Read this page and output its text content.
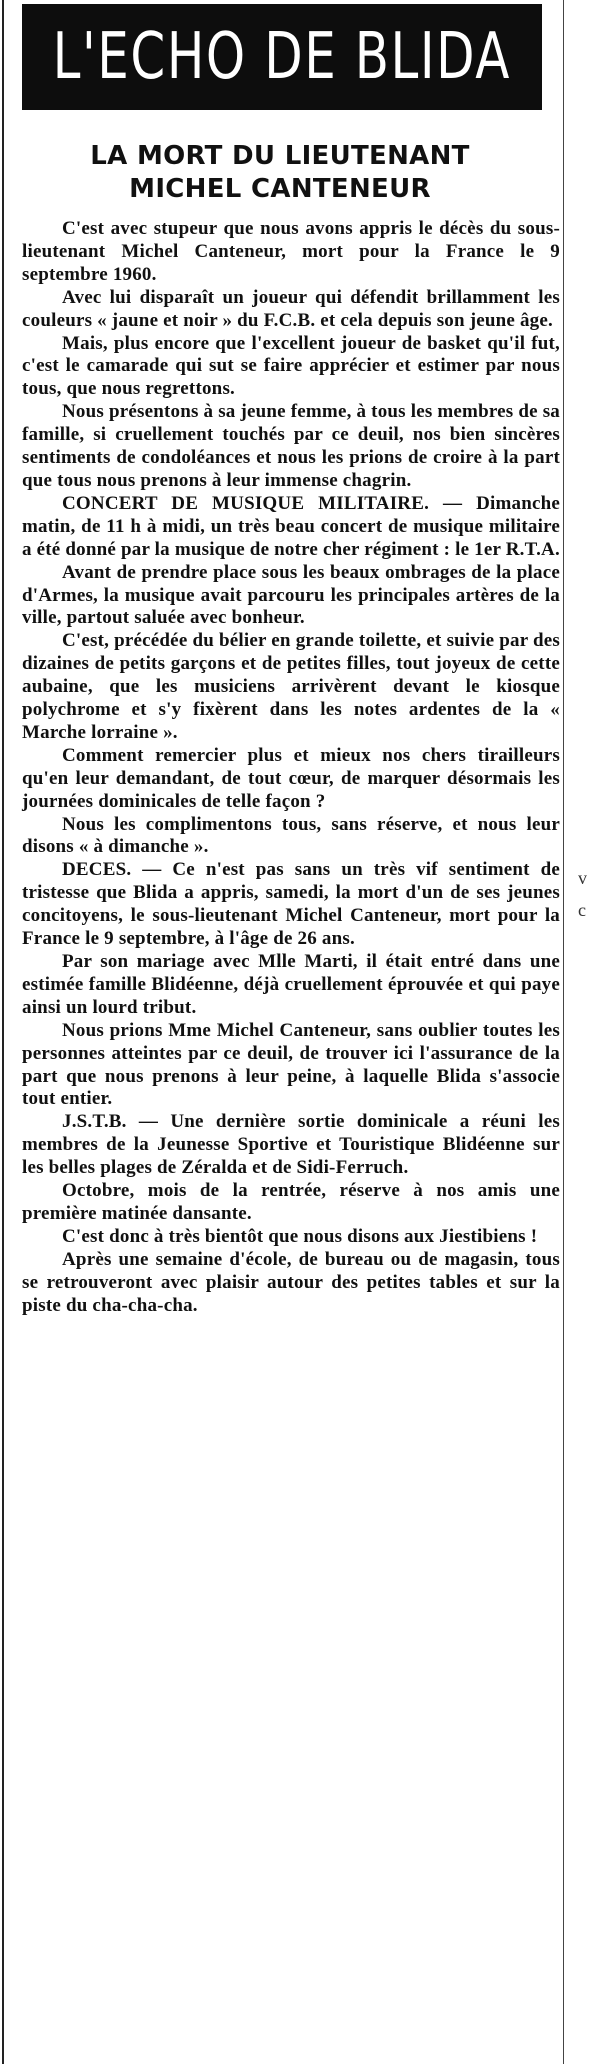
L'ECHO DE BLIDA
LA MORT DU LIEUTENANT
MICHEL CANTENEUR

C'est avec stupeur que nous avons appris le décès du sous-lieutenant Michel Canteneur, mort pour la France le 9 septembre 1960.

Avec lui disparaît un joueur qui défendit brillamment les couleurs « jaune et noir » du F.C.B. et cela depuis son jeune âge.

Mais, plus encore que l'excellent joueur de basket qu'il fut, c'est le camarade qui sut se faire apprécier et estimer par nous tous, que nous regrettons.

Nous présentons à sa jeune femme, à tous les membres de sa famille, si cruellement touchés par ce deuil, nos bien sincères sentiments de condoléances et nous les prions de croire à la part que tous nous prenons à leur immense chagrin.

CONCERT DE MUSIQUE MILITAIRE. — Dimanche matin, de 11 h à midi, un très beau concert de musique militaire a été donné par la musique de notre cher régiment : le 1er R.T.A.

Avant de prendre place sous les beaux ombrages de la place d'Armes, la musique avait parcouru les principales artères de la ville, partout saluée avec bonheur.

C'est, précédée du bélier en grande toilette, et suivie par des dizaines de petits garçons et de petites filles, tout joyeux de cette aubaine, que les musiciens arrivèrent devant le kiosque polychrome et s'y fixèrent dans les notes ardentes de la « Marche lorraine ».

Comment remercier plus et mieux nos chers tirailleurs qu'en leur demandant, de tout cœur, de marquer désormais les journées dominicales de telle façon ?

Nous les complimentons tous, sans réserve, et nous leur disons « à dimanche ».

DECES. — Ce n'est pas sans un très vif sentiment de tristesse que Blida a appris, samedi, la mort d'un de ses jeunes concitoyens, le sous-lieutenant Michel Canteneur, mort pour la France le 9 septembre, à l'âge de 26 ans.

Par son mariage avec Mlle Marti, il était entré dans une estimée famille Blidéenne, déjà cruellement éprouvée et qui paye ainsi un lourd tribut.

Nous prions Mme Michel Canteneur, sans oublier toutes les personnes atteintes par ce deuil, de trouver ici l'assurance de la part que nous prenons à leur peine, à laquelle Blida s'associe tout entier.

J.S.T.B. — Une dernière sortie dominicale a réuni les membres de la Jeunesse Sportive et Touristique Blidéenne sur les belles plages de Zéralda et de Sidi-Ferruch.

Octobre, mois de la rentrée, réserve à nos amis une première matinée dansante.

C'est donc à très bientôt que nous disons aux Jiestibiens !

Après une semaine d'école, de bureau ou de magasin, tous se retrouveront avec plaisir autour des petites tables et sur la piste du cha-cha-cha.

v
c
